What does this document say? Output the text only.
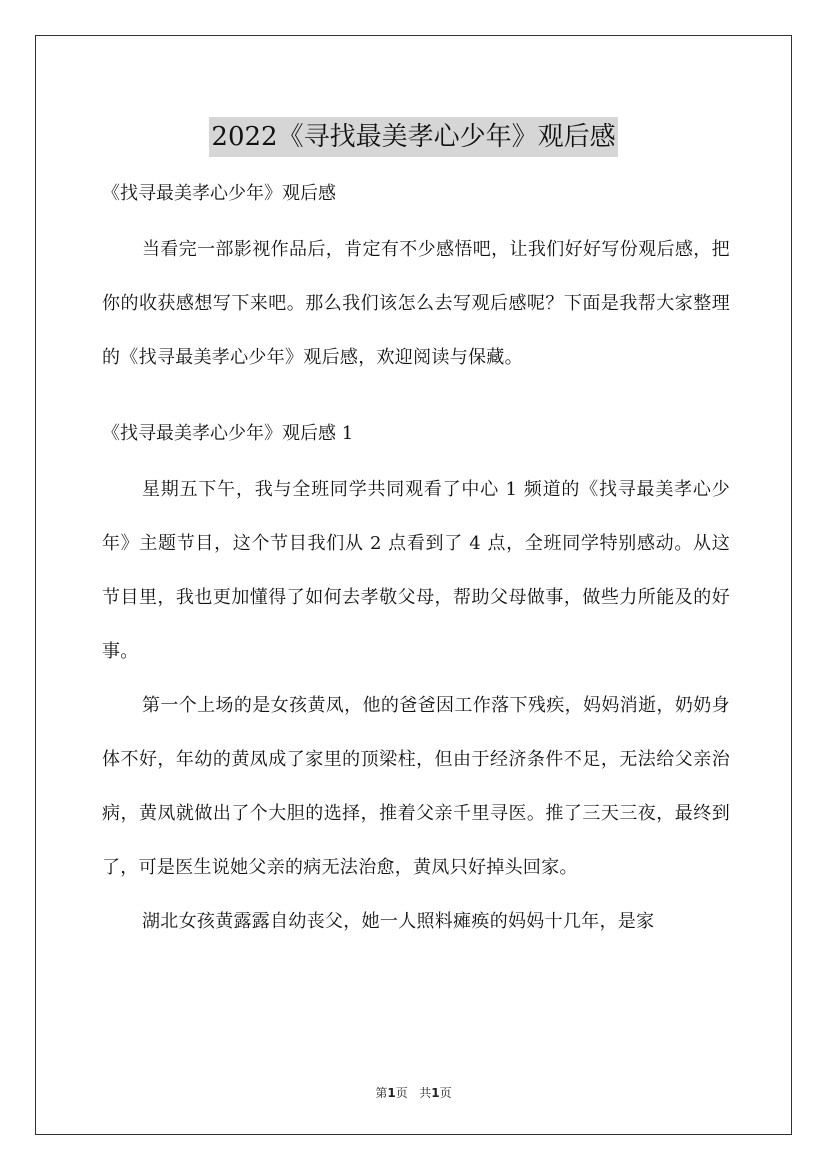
2022《寻找最美孝心少年》观后感

《找寻最美孝心少年》观后感

当看完一部影视作品后，肯定有不少感悟吧，让我们好好写份观后感，把你的收获感想写下来吧。那么我们该怎么去写观后感呢？下面是我帮大家整理的《找寻最美孝心少年》观后感，欢迎阅读与保藏。

《找寻最美孝心少年》观后感 1

星期五下午，我与全班同学共同观看了中心 1 频道的《找寻最美孝心少年》主题节目，这个节目我们从 2 点看到了 4 点，全班同学特别感动。从这节目里，我也更加懂得了如何去孝敬父母，帮助父母做事，做些力所能及的好事。

第一个上场的是女孩黄凤，他的爸爸因工作落下残疾，妈妈消逝，奶奶身体不好，年幼的黄凤成了家里的顶梁柱，但由于经济条件不足，无法给父亲治病，黄凤就做出了个大胆的选择，推着父亲千里寻医。推了三天三夜，最终到了，可是医生说她父亲的病无法治愈，黄凤只好掉头回家。

湖北女孩黄露露自幼丧父，她一人照料瘫痪的妈妈十几年，是家

第1页 共1页
